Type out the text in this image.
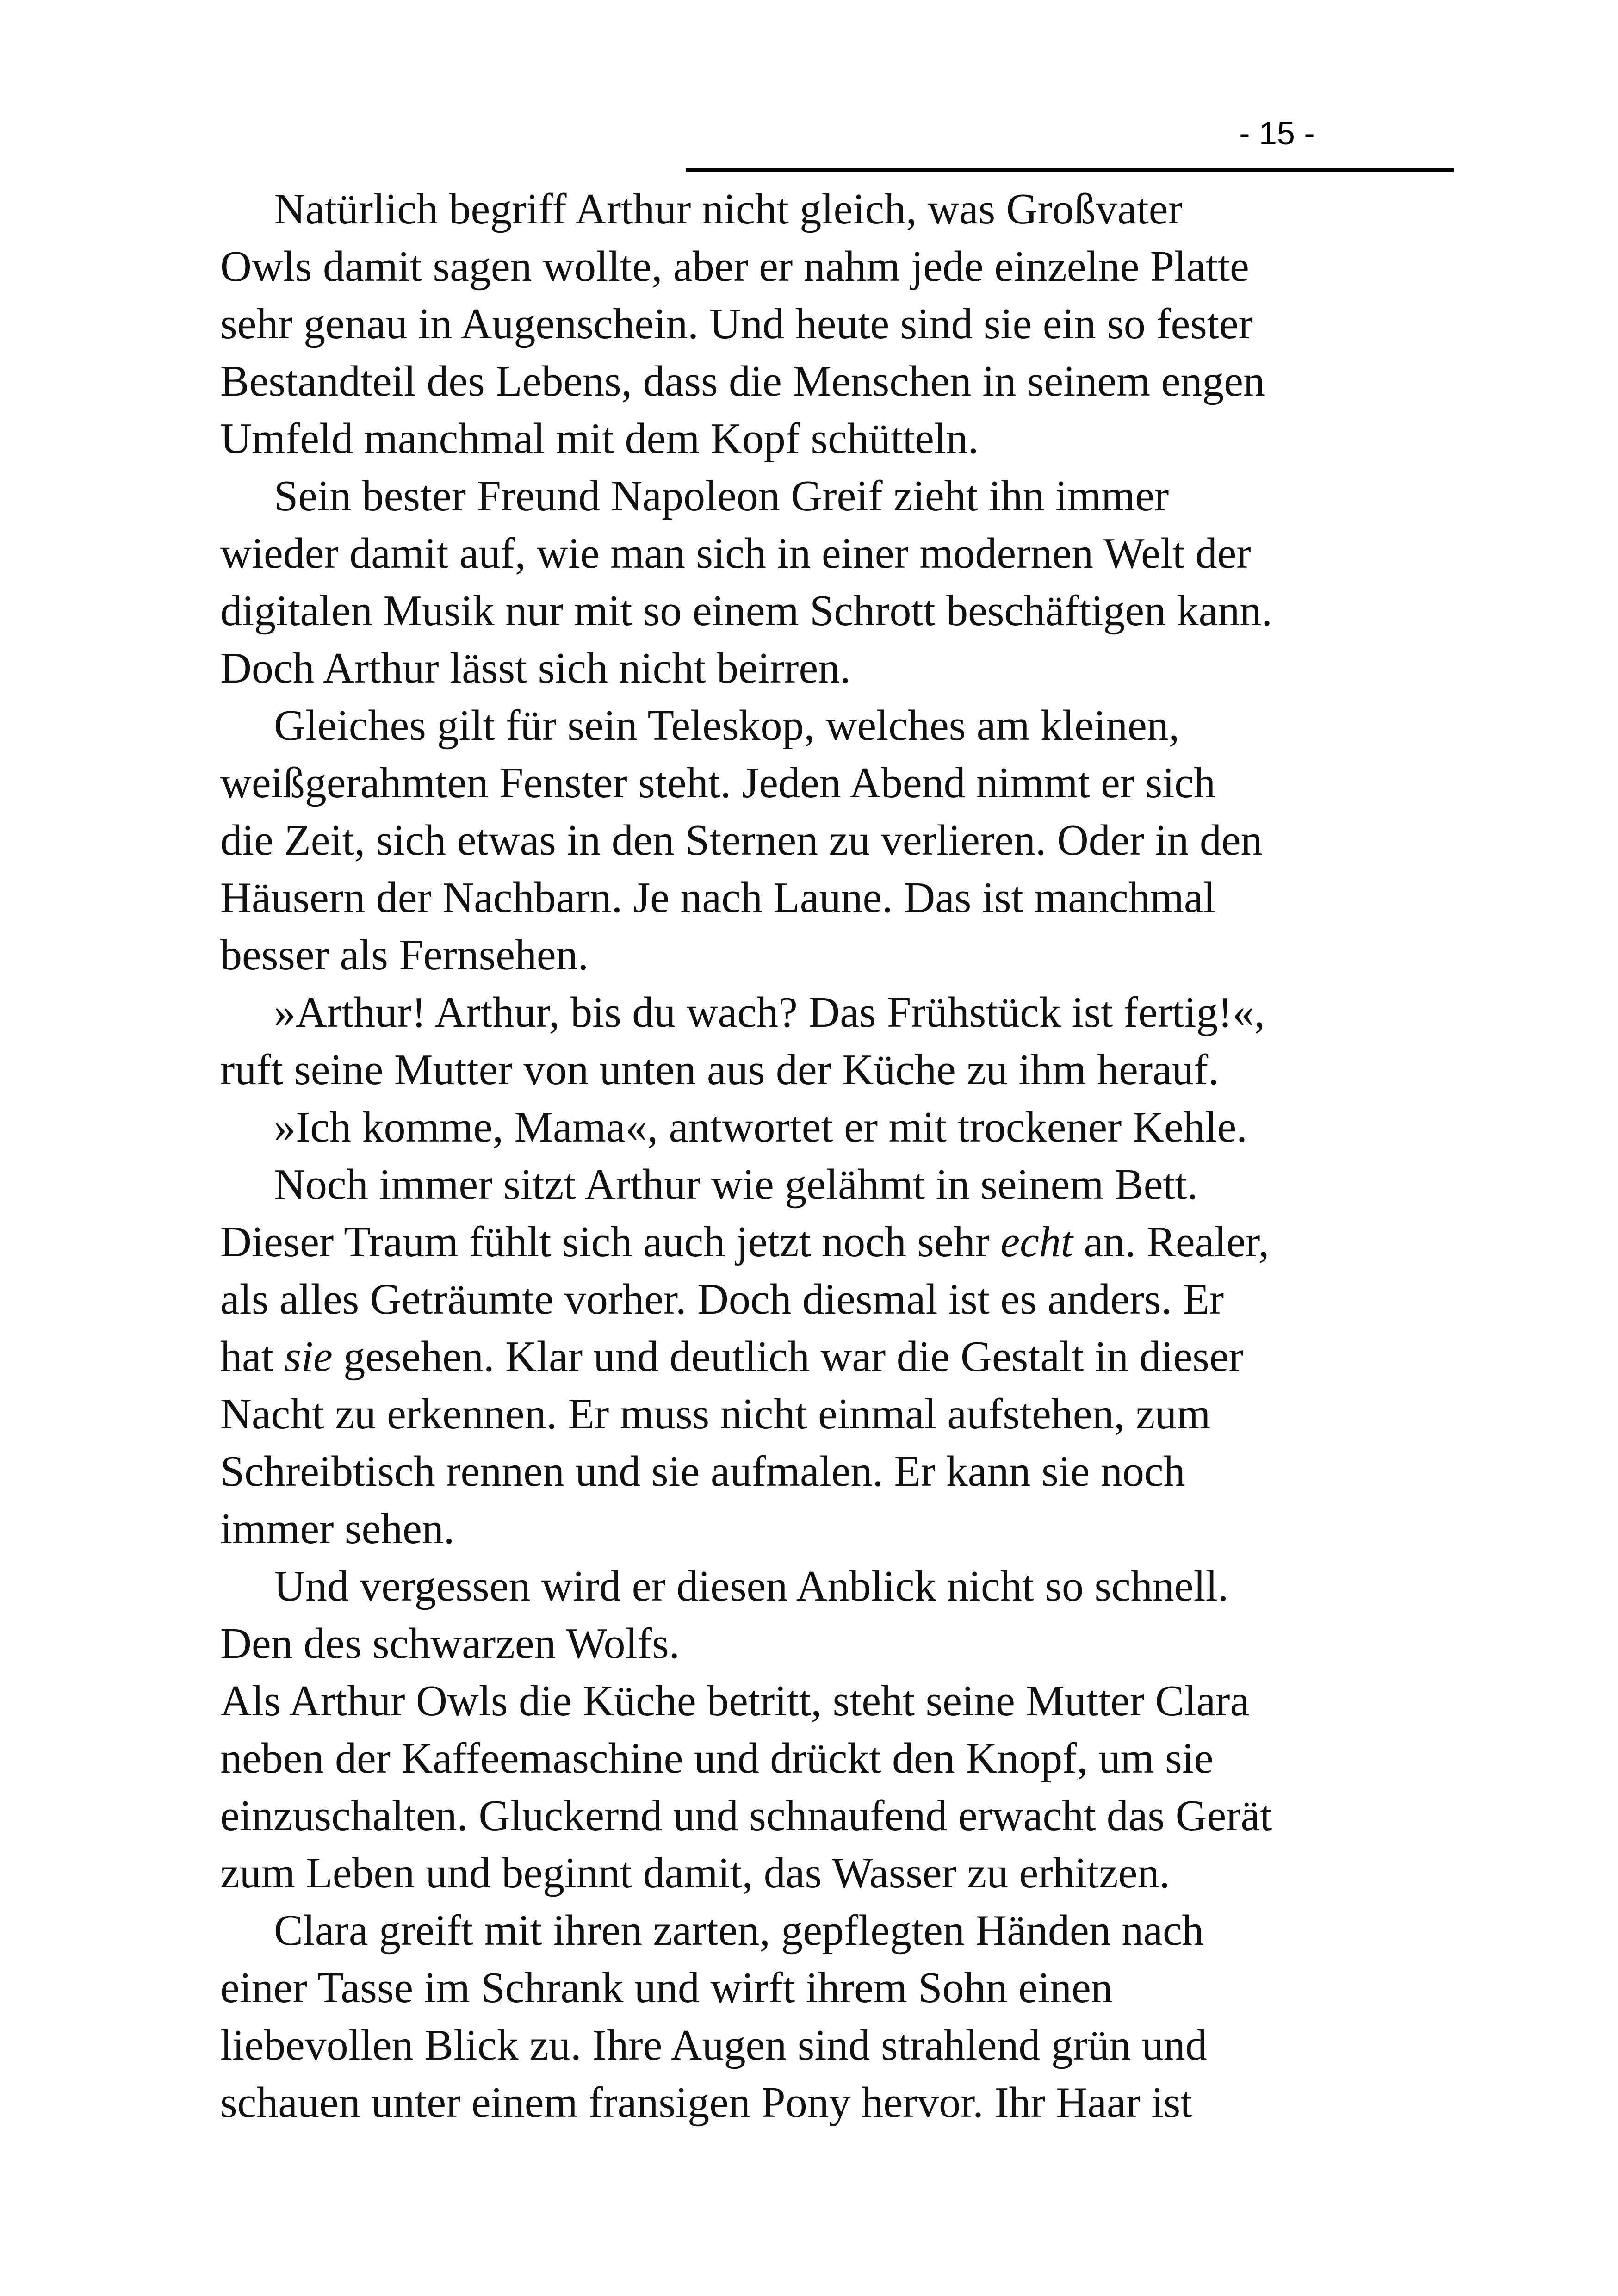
- 15 -
Natürlich begriff Arthur nicht gleich, was Großvater
Owls damit sagen wollte, aber er nahm jede einzelne Platte
sehr genau in Augenschein. Und heute sind sie ein so fester
Bestandteil des Lebens, dass die Menschen in seinem engen
Umfeld manchmal mit dem Kopf schütteln.
Sein bester Freund Napoleon Greif zieht ihn immer
wieder damit auf, wie man sich in einer modernen Welt der
digitalen Musik nur mit so einem Schrott beschäftigen kann.
Doch Arthur lässt sich nicht beirren.
Gleiches gilt für sein Teleskop, welches am kleinen,
weißgerahmten Fenster steht. Jeden Abend nimmt er sich
die Zeit, sich etwas in den Sternen zu verlieren. Oder in den
Häusern der Nachbarn. Je nach Laune. Das ist manchmal
besser als Fernsehen.
»Arthur! Arthur, bis du wach? Das Frühstück ist fertig!«,
ruft seine Mutter von unten aus der Küche zu ihm herauf.
»Ich komme, Mama«, antwortet er mit trockener Kehle.
Noch immer sitzt Arthur wie gelähmt in seinem Bett.
Dieser Traum fühlt sich auch jetzt noch sehr echt an. Realer,
als alles Geträumte vorher. Doch diesmal ist es anders. Er
hat sie gesehen. Klar und deutlich war die Gestalt in dieser
Nacht zu erkennen. Er muss nicht einmal aufstehen, zum
Schreibtisch rennen und sie aufmalen. Er kann sie noch
immer sehen.
Und vergessen wird er diesen Anblick nicht so schnell.
Den des schwarzen Wolfs.
Als Arthur Owls die Küche betritt, steht seine Mutter Clara
neben der Kaffeemaschine und drückt den Knopf, um sie
einzuschalten. Gluckernd und schnaufend erwacht das Gerät
zum Leben und beginnt damit, das Wasser zu erhitzen.
Clara greift mit ihren zarten, gepflegten Händen nach
einer Tasse im Schrank und wirft ihrem Sohn einen
liebevollen Blick zu. Ihre Augen sind strahlend grün und
schauen unter einem fransigen Pony hervor. Ihr Haar ist
